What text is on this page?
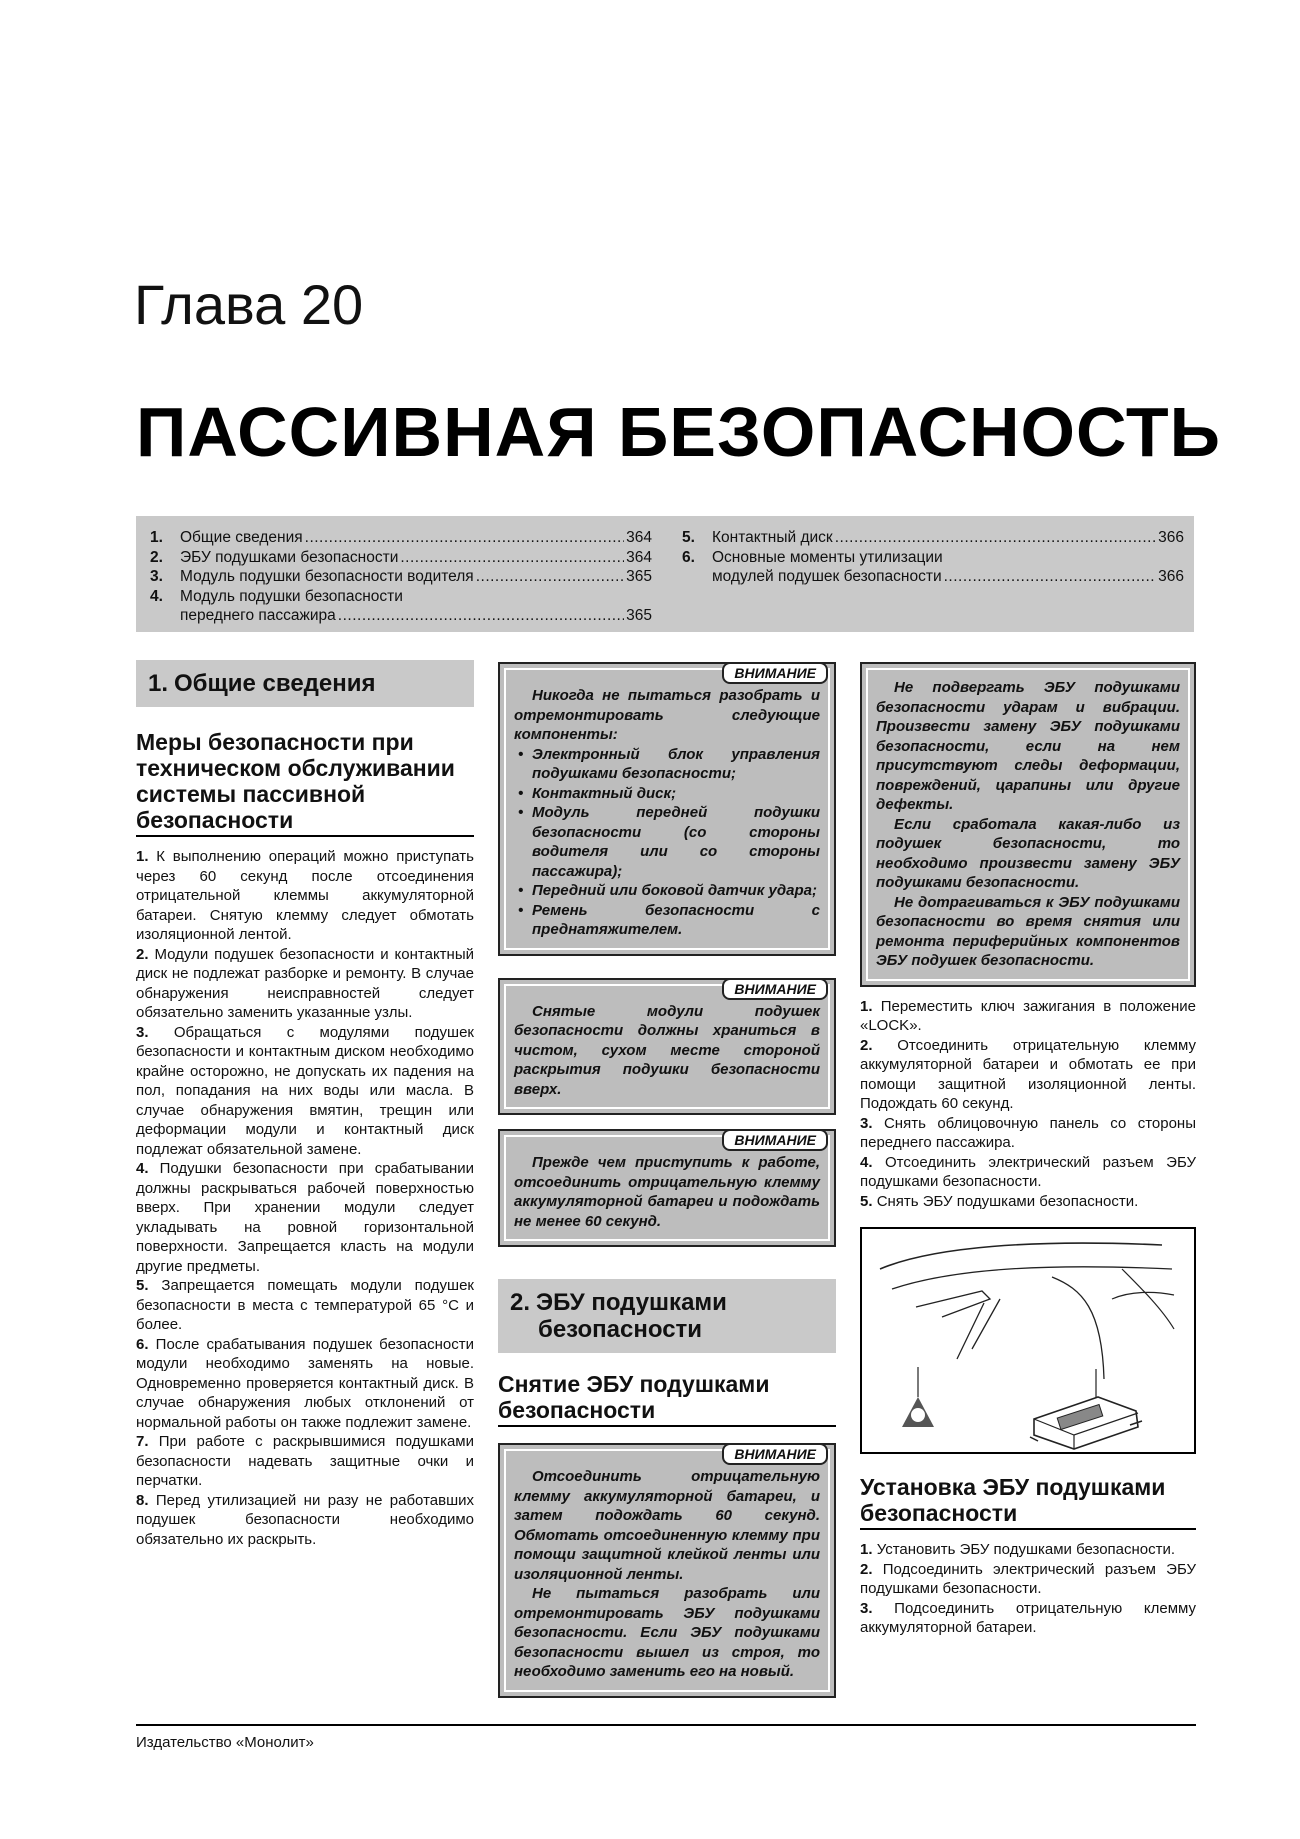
Глава 20
ПАССИВНАЯ БЕЗОПАСНОСТЬ
1.	Общие сведения .....	364
2.	ЭБУ подушками безопасности .....	364
3.	Модуль подушки безопасности водителя .....	365
4.	Модуль подушки безопасности
переднего пассажира .....	365
5.	Контактный диск .....	366
6.	Основные моменты утилизации
модулей подушек безопасности .....	366
1. Общие сведения
Меры безопасности при техническом обслуживании системы пассивной безопасности

1. К выполнению операций можно приступать через 60 секунд после отсоединения отрицательной клеммы аккумуляторной батареи. Снятую клемму следует обмотать изоляционной лентой.

2. Модули подушек безопасности и контактный диск не подлежат разборке и ремонту. В случае обнаружения неисправностей следует обязательно заменить указанные узлы.

3. Обращаться с модулями подушек безопасности и контактным диском необходимо крайне осторожно, не допускать их падения на пол, попадания на них воды или масла. В случае обнаружения вмятин, трещин или деформации модули и контактный диск подлежат обязательной замене.

4. Подушки безопасности при срабатывании должны раскрываться рабочей поверхностью вверх. При хранении модули следует укладывать на ровной горизонтальной поверхности. Запрещается класть на модули другие предметы.

5. Запрещается помещать модули подушек безопасности в места с температурой 65 °С и более.

6. После срабатывания подушек безопасности модули необходимо заменять на новые. Одновременно проверяется контактный диск. В случае обнаружения любых отклонений от нормальной работы он также подлежит замене.

7. При работе с раскрывшимися подушками безопасности надевать защитные очки и перчатки.

8. Перед утилизацией ни разу не работавших подушек безопасности необходимо обязательно их раскрыть.

ВНИМАНИЕ

Никогда не пытаться разобрать и отремонтировать следующие компоненты:

• Электронный блок управления подушками безопасности;
• Контактный диск;
• Модуль передней подушки безопасности (со стороны водителя или со стороны пассажира);
• Передний или боковой датчик удара;
• Ремень безопасности с преднатяжителем.
ВНИМАНИЕ

Снятые модули подушек безопасности должны храниться в чистом, сухом месте стороной раскрытия подушки безопасности вверх.

ВНИМАНИЕ

Прежде чем приступить к работе, отсоединить отрицательную клемму аккумуляторной батареи и подождать не менее 60 секунд.

2. ЭБУ подушками безопасности
Снятие ЭБУ подушками безопасности
ВНИМАНИЕ

Отсоединить отрицательную клемму аккумуляторной батареи, и затем подождать 60 секунд. Обмотать отсоединенную клемму при помощи защитной клейкой ленты или изоляционной ленты.

Не пытаться разобрать или отремонтировать ЭБУ подушками безопасности. Если ЭБУ подушками безопасности вышел из строя, то необходимо заменить его на новый.

Не подвергать ЭБУ подушками безопасности ударам и вибрации. Произвести замену ЭБУ подушками безопасности, если на нем присутствуют следы деформации, повреждений, царапины или другие дефекты.

Если сработала какая-либо из подушек безопасности, то необходимо произвести замену ЭБУ подушками безопасности.

Не дотрагиваться к ЭБУ подушками безопасности во время снятия или ремонта периферийных компонентов ЭБУ подушек безопасности.

1. Переместить ключ зажигания в положение «LOCK».

2. Отсоединить отрицательную клемму аккумуляторной батареи и обмотать ее при помощи защитной изоляционной ленты. Подождать 60 секунд.

3. Снять облицовочную панель со стороны переднего пассажира.

4. Отсоединить электрический разъем ЭБУ подушками безопасности.

5. Снять ЭБУ подушками безопасности.

Установка ЭБУ подушками безопасности

1. Установить ЭБУ подушками безопасности.

2. Подсоединить электрический разъем ЭБУ подушками безопасности.

3. Подсоединить отрицательную клемму аккумуляторной батареи.

Издательство «Монолит»
